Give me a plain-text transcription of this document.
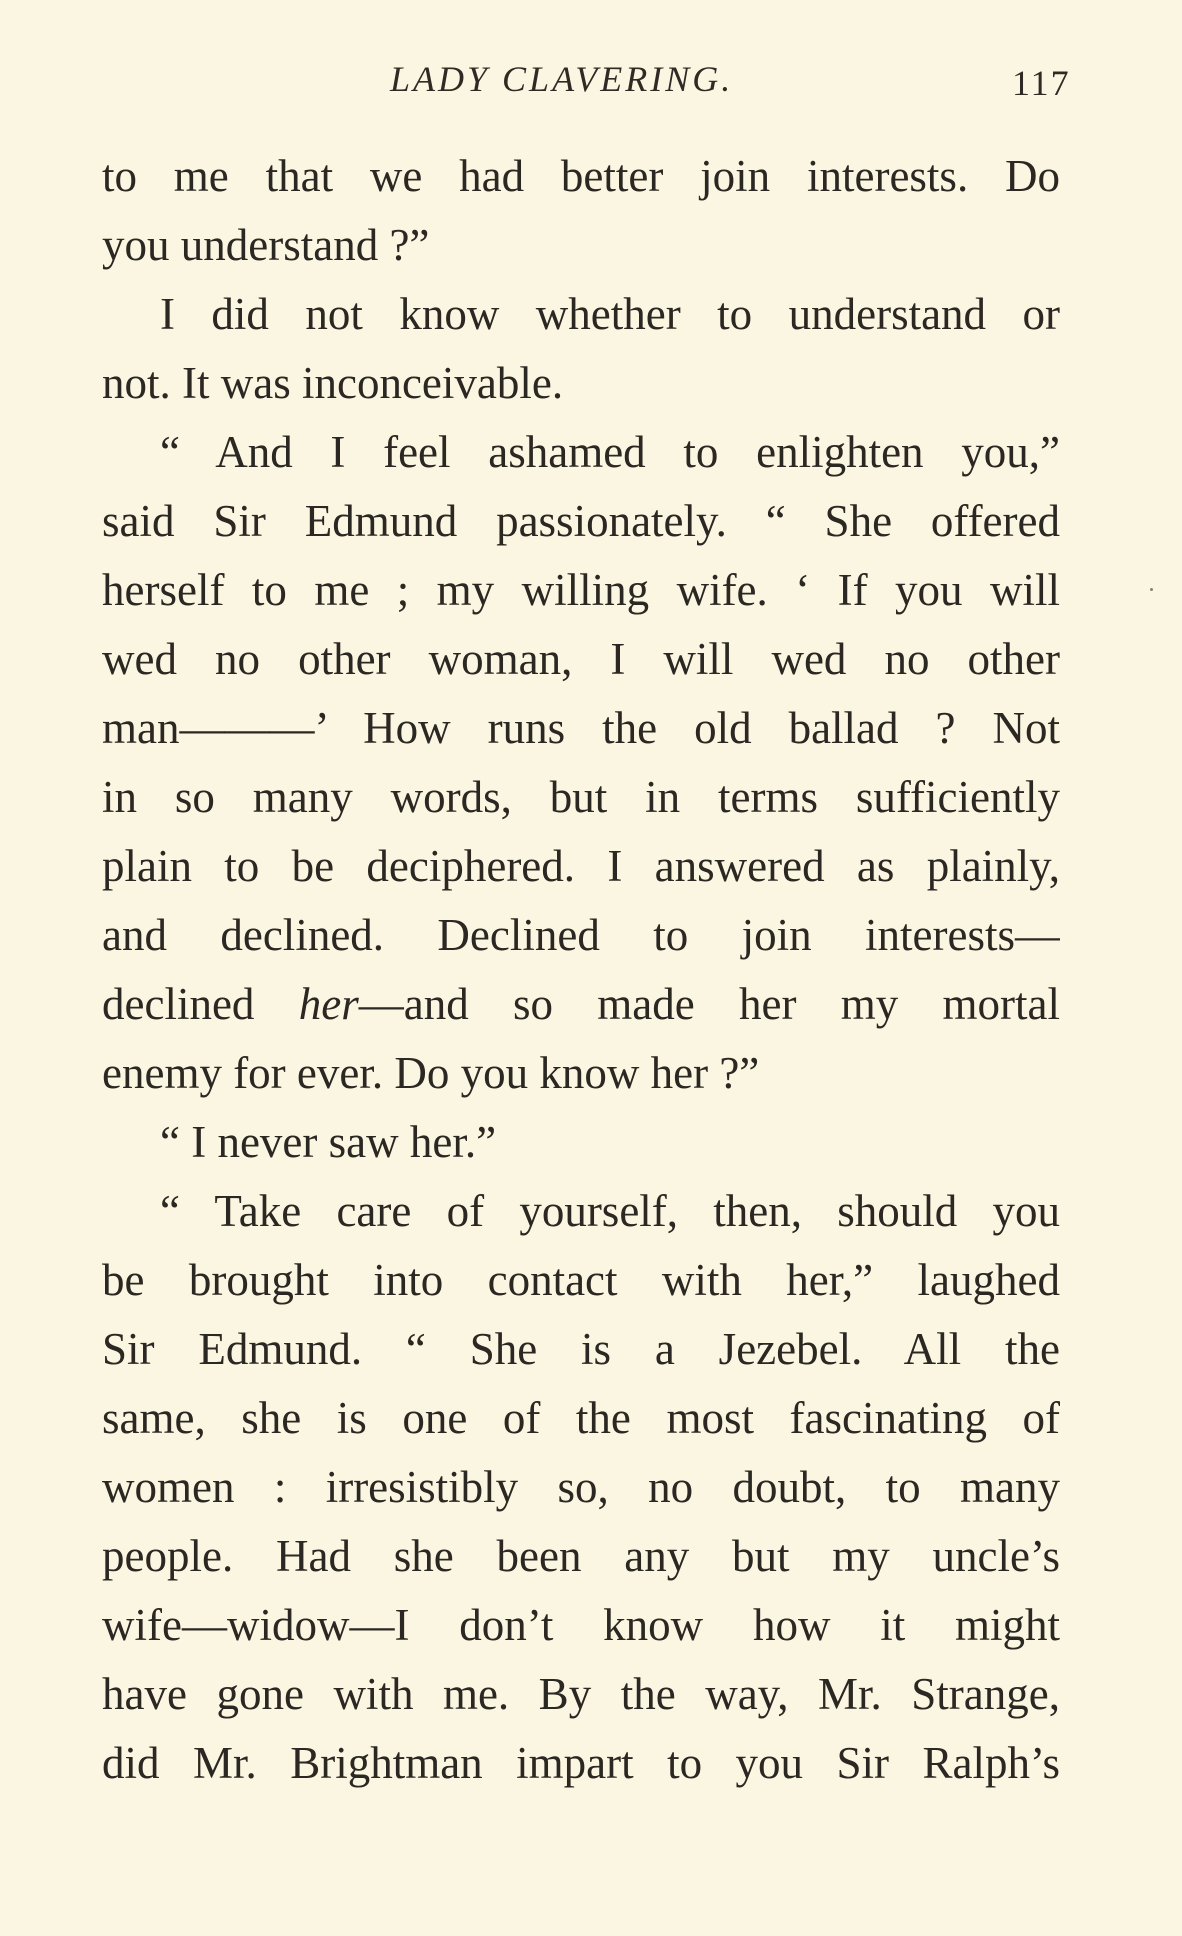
LADY CLAVERING.	117
to me that we had better join interests. Do
you understand ?”
I did not know whether to understand or
not. It was inconceivable.
“ And I feel ashamed to enlighten you,”
said Sir Edmund passionately. “ She offered
herself to me ; my willing wife. ‘ If you will
wed no other woman, I will wed no other
man———’ How runs the old ballad ? Not
in so many words, but in terms sufficiently
plain to be deciphered. I answered as plainly,
and declined. Declined to join interests—
declined her—and so made her my mortal
enemy for ever. Do you know her ?”
“ I never saw her.”
“ Take care of yourself, then, should you
be brought into contact with her,” laughed
Sir Edmund. “ She is a Jezebel. All the
same, she is one of the most fascinating of
women : irresistibly so, no doubt, to many
people. Had she been any but my uncle’s
wife—widow—I don’t know how it might
have gone with me. By the way, Mr. Strange,
did Mr. Brightman impart to you Sir Ralph’s
